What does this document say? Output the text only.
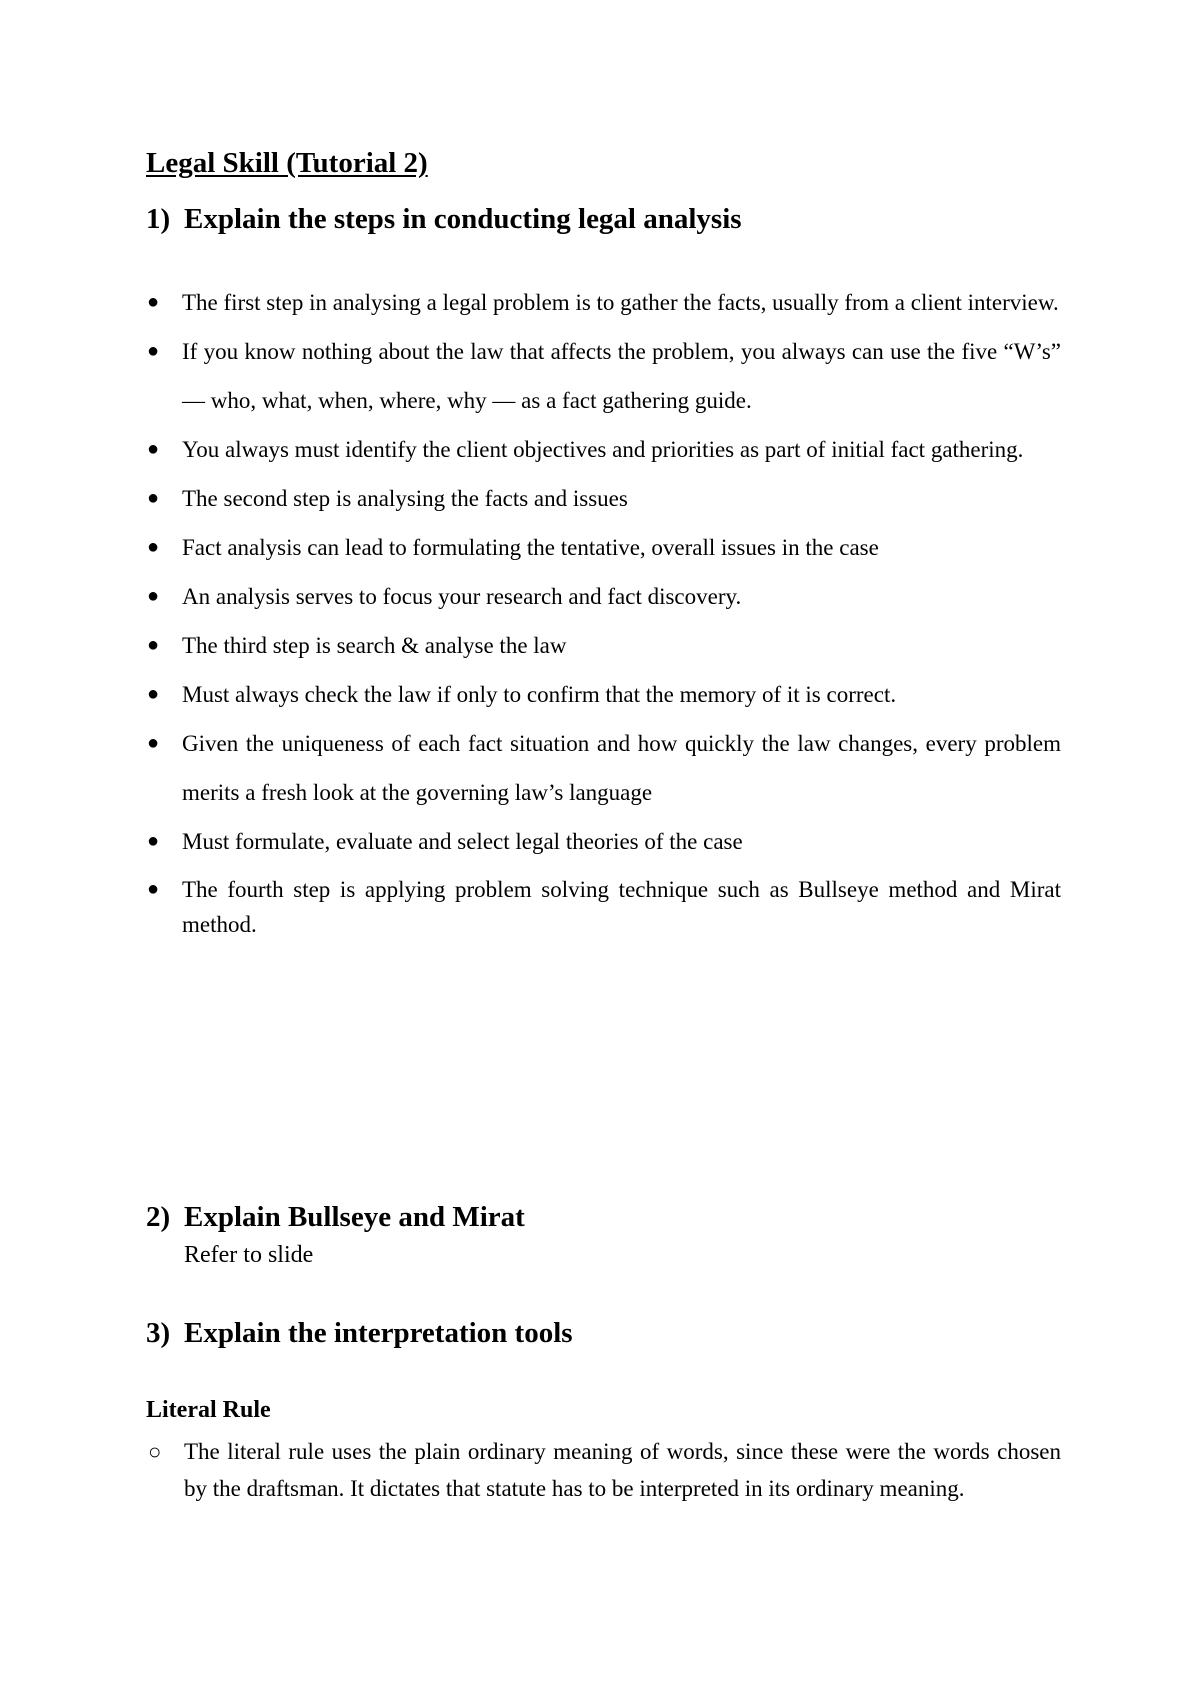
Legal Skill (Tutorial 2)
1) Explain the steps in conducting legal analysis
● The first step in analysing a legal problem is to gather the facts, usually from a client interview.
● If you know nothing about the law that affects the problem, you always can use the five “W’s” — who, what, when, where, why — as a fact gathering guide.
● You always must identify the client objectives and priorities as part of initial fact gathering.
● The second step is analysing the facts and issues
● Fact analysis can lead to formulating the tentative, overall issues in the case
● An analysis serves to focus your research and fact discovery.
● The third step is search & analyse the law
● Must always check the law if only to confirm that the memory of it is correct.
● Given the uniqueness of each fact situation and how quickly the law changes, every problem merits a fresh look at the governing law’s language
● Must formulate, evaluate and select legal theories of the case
● The fourth step is applying problem solving technique such as Bullseye method and Mirat method.
2) Explain Bullseye and Mirat

Refer to slide

3) Explain the interpretation tools
Literal Rule
○ The literal rule uses the plain ordinary meaning of words, since these were the words chosen by the draftsman. It dictates that statute has to be interpreted in its ordinary meaning.
